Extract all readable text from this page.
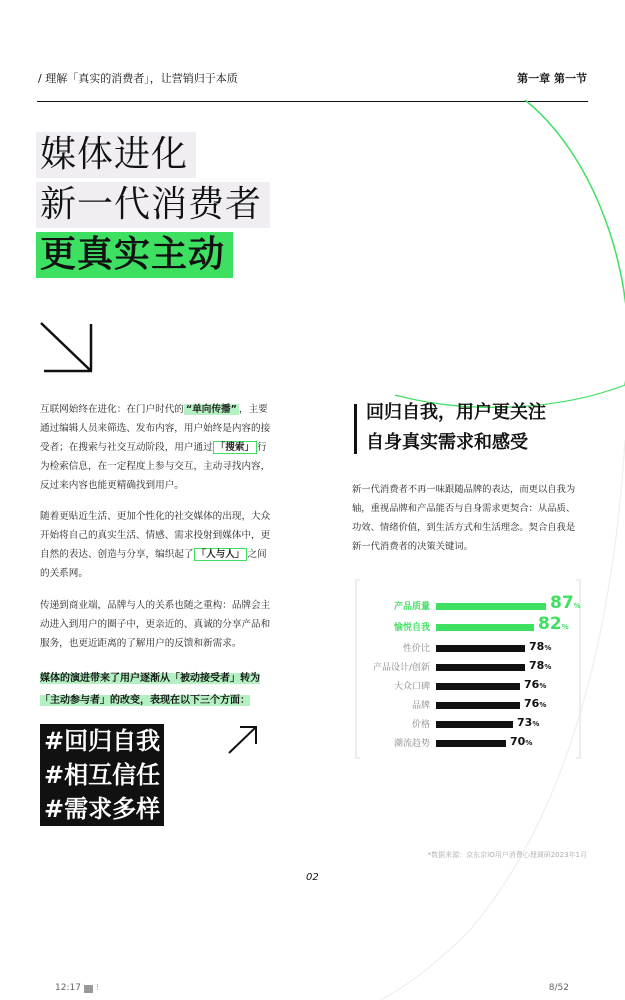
/ 理解「真实的消费者」，让营销归于本质	第一章 第一节
媒体进化
新一代消费者
更真实主动
互联网始终在进化：在门户时代的 “单向传播” ，主要通过编辑人员来筛选、发布内容，用户始终是内容的接受者；在搜索与社交互动阶段，用户通过 「搜索」 行为检索信息，在一定程度上参与交互，主动寻找内容，反过来内容也能更精确找到用户。
随着更贴近生活、更加个性化的社交媒体的出现，大众开始将自己的真实生活、情感、需求投射到媒体中，更自然的表达、创造与分享，编织起了 「人与人」 之间的关系网。
传递到商业端，品牌与人的关系也随之重构：品牌会主动进入到用户的圈子中，更亲近的、真诚的分享产品和服务，也更近距离的了解用户的反馈和新需求。
媒体的演进带来了用户逐渐从「被动接受者」转为
「主动参与者」的改变，表现在以下三个方面：
#回归自我
#相互信任
#需求多样
回归自我，用户更关注
自身真实需求和感受
新一代消费者不再一味跟随品牌的表达，而更以自我为轴，重视品牌和产品能否与自身需求更契合：从品质、功效、情绪价值，到生活方式和生活理念。契合自我是新一代消费者的决策关键词。
产品质量	87%
愉悦自我	82%
性价比	78%
产品设计/创新	78%
大众口碑	76%
品牌	76%
价格	73%
潮流趋势	70%
*数据来源：京东京IO用户消费心理调研2023年1月
02
12:17 ⁝	8/52
